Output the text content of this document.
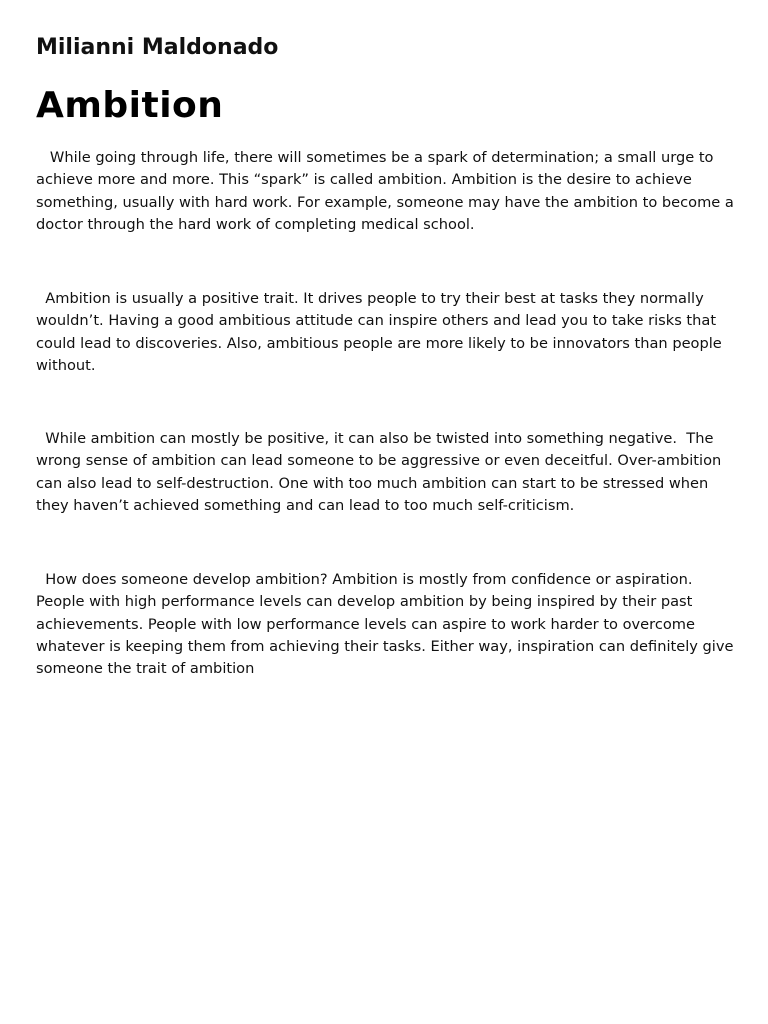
Milianni Maldonado
Ambition

While going through life, there will sometimes be a spark of determination; a small urge to achieve more and more. This “spark” is called ambition. Ambition is the desire to achieve something, usually with hard work. For example, someone may have the ambition to become a doctor through the hard work of completing medical school.

Ambition is usually a positive trait. It drives people to try their best at tasks they normally wouldn’t. Having a good ambitious attitude can inspire others and lead you to take risks that could lead to discoveries. Also, ambitious people are more likely to be innovators than people without.

While ambition can mostly be positive, it can also be twisted into something negative.  The wrong sense of ambition can lead someone to be aggressive or even deceitful. Over-ambition can also lead to self-destruction. One with too much ambition can start to be stressed when they haven’t achieved something and can lead to too much self-criticism.

How does someone develop ambition? Ambition is mostly from confidence or aspiration. People with high performance levels can develop ambition by being inspired by their past achievements. People with low performance levels can aspire to work harder to overcome whatever is keeping them from achieving their tasks. Either way, inspiration can definitely give someone the trait of ambition
